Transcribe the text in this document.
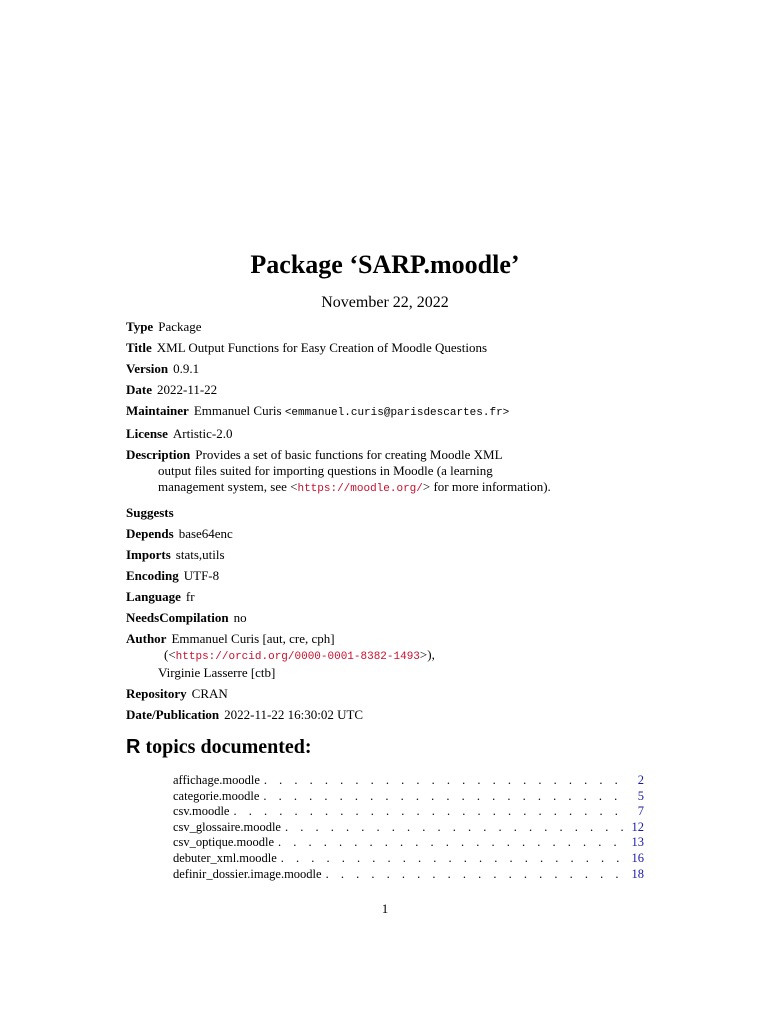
Package ‘SARP.moodle’
November 22, 2022
Type Package
Title XML Output Functions for Easy Creation of Moodle Questions
Version 0.9.1
Date 2022-11-22
Maintainer Emmanuel Curis <emmanuel.curis@parisdescartes.fr>
License Artistic-2.0
Description Provides a set of basic functions for creating Moodle XML
output files suited for importing questions in Moodle (a learning
management system, see <https://moodle.org/> for more information).
Suggests
Depends base64enc
Imports stats,utils
Encoding UTF-8
Language fr
NeedsCompilation no
Author Emmanuel Curis [aut, cre, cph]
(<https://orcid.org/0000-0001-8382-1493>),
Virginie Lasserre [ctb]
Repository CRAN
Date/Publication 2022-11-22 16:30:02 UTC
R topics documented:
affichage.moodle . . .	2
categorie.moodle . . .	5
csv.moodle . . .	7
csv_glossaire.moodle . . .	12
csv_optique.moodle . . .	13
debuter_xml.moodle . . .	16
definir_dossier.image.moodle . . .	18
1
